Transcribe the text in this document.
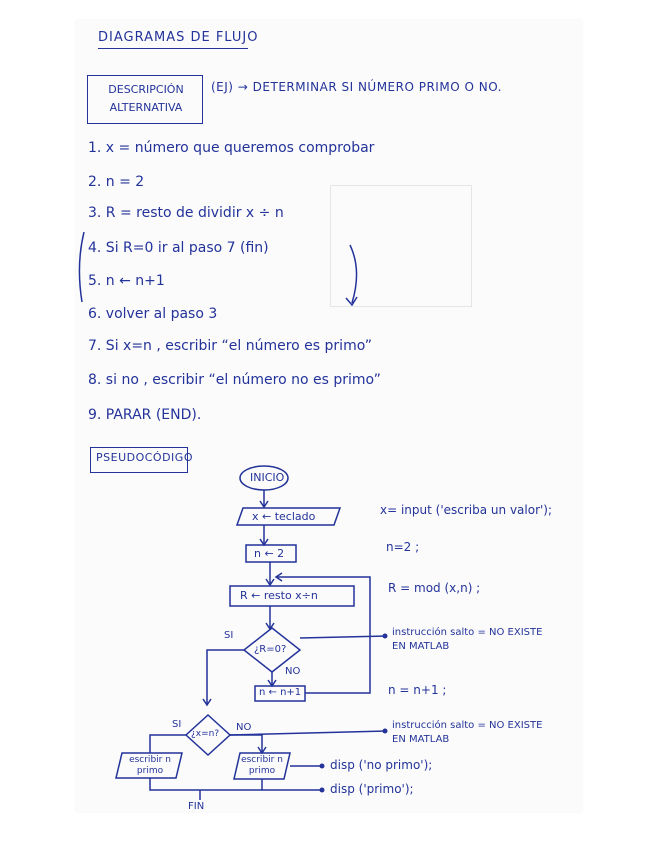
DIAGRAMAS DE FLUJO
DESCRIPCIÓN ALTERNATIVA
(EJ) → DETERMINAR SI NÚMERO PRIMO O NO.
1. x = número que queremos comprobar
2. n = 2
3. R = resto de dividir x ÷ n
4. Si R=0 ir al paso 7 (fin)
5. n ← n+1
6. volver al paso 3
7. Si x=n , escribir “el número es primo”
8. si no , escribir “el número no es primo”
9. PARAR (END).
PSEUDOCÓDIGO
INICIO
x ← teclado
n ← 2
R ← resto x÷n
¿R=0?
SI
NO
n ← n+1
¿x=n?
SI	NO
escribir n primo
escribir n primo
FIN
x= input ('escriba un valor');
n=2 ;
R = mod (x,n) ;
instrucción salto = NO EXISTE EN MATLAB
n = n+1 ;
instrucción salto = NO EXISTE EN MATLAB
disp ('no primo');
disp ('primo');
